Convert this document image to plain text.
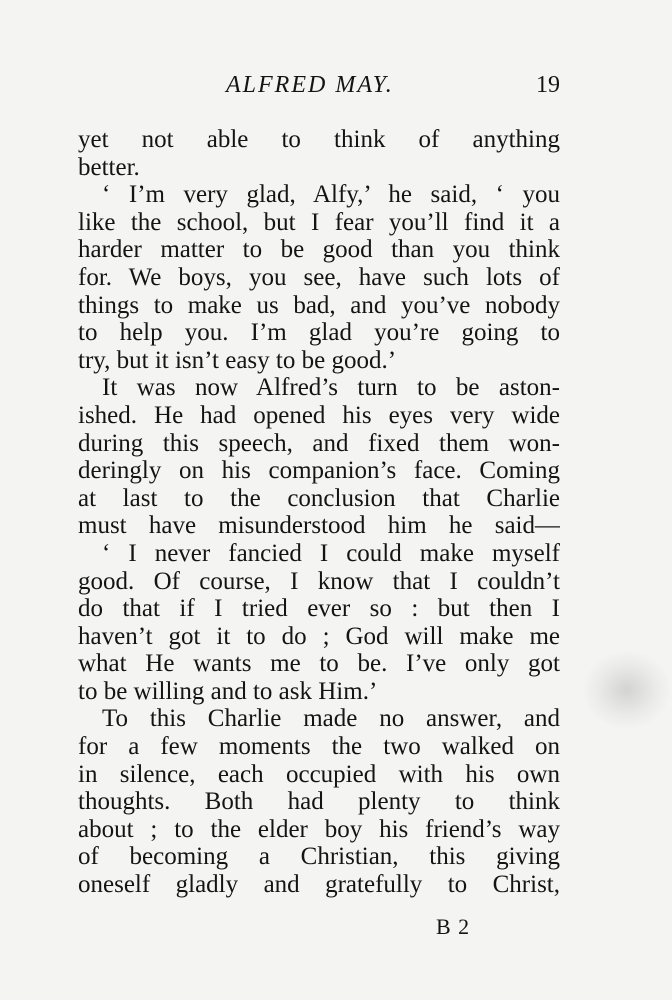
ALFRED MAY.	19
yet not able to think of anything
better.
‘ I’m very glad, Alfy,’ he said, ‘ you
like the school, but I fear you’ll find it a
harder matter to be good than you think
for. We boys, you see, have such lots of
things to make us bad, and you’ve nobody
to help you. I’m glad you’re going to
try, but it isn’t easy to be good.’
It was now Alfred’s turn to be aston-
ished. He had opened his eyes very wide
during this speech, and fixed them won-
deringly on his companion’s face. Coming
at last to the conclusion that Charlie
must have misunderstood him he said—
‘ I never fancied I could make myself
good. Of course, I know that I couldn’t
do that if I tried ever so : but then I
haven’t got it to do ; God will make me
what He wants me to be. I’ve only got
to be willing and to ask Him.’
To this Charlie made no answer, and
for a few moments the two walked on
in silence, each occupied with his own
thoughts. Both had plenty to think
about ; to the elder boy his friend’s way
of becoming a Christian, this giving
oneself gladly and gratefully to Christ,
B 2
